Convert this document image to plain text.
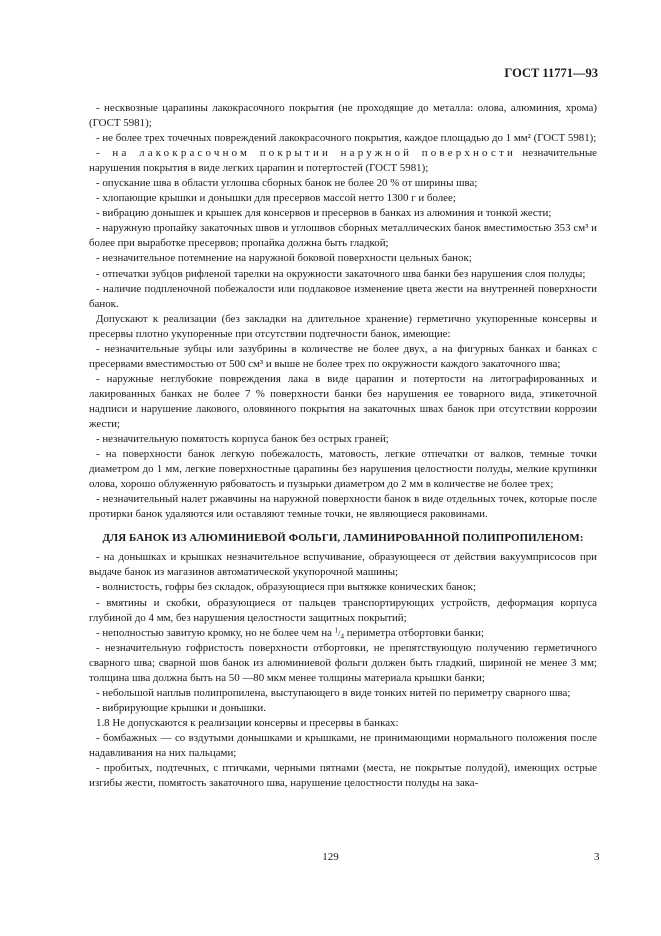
ГОСТ 11771—93

- несквозные царапины лакокрасочного покрытия (не проходящие до металла: олова, алюминия, хрома) (ГОСТ 5981);

- не более трех точечных повреждений лакокрасочного покрытия, каждое площадью до 1 мм² (ГОСТ 5981);

- на лакокрасочном покрытии наружной поверхности незначительные нарушения покрытия в виде легких царапин и потертостей (ГОСТ 5981);

- опускание шва в области углошва сборных банок не более 20 % от ширины шва;

- хлопающие крышки и донышки для пресервов массой нетто 1300 г и более;

- вибрацию донышек и крышек для консервов и пресервов в банках из алюминия и тонкой жести;

- наружную пропайку закаточных швов и углошвов сборных металлических банок вместимостью 353 см³ и более при выработке пресервов; пропайка должна быть гладкой;

- незначительное потемнение на наружной боковой поверхности цельных банок;

- отпечатки зубцов рифленой тарелки на окружности закаточного шва банки без нарушения слоя полуды;

- наличие подпленочной побежалости или подлаковое изменение цвета жести на внутренней поверхности банок.

Допускают к реализации (без закладки на длительное хранение) герметично укупоренные консервы и пресервы плотно укупоренные при отсутствии подтечности банок, имеющие:

- незначительные зубцы или зазубрины в количестве не более двух, а на фигурных банках и банках с пресервами вместимостью от 500 см³ и выше не более трех по окружности каждого закаточного шва;

- наружные неглубокие повреждения лака в виде царапин и потертости на литографированных и лакированных банках не более 7 % поверхности банки без нарушения ее товарного вида, этикеточной надписи и нарушение лакового, оловянного покрытия на закаточных швах банок при отсутствии коррозии жести;

- незначительную помятость корпуса банок без острых граней;

- на поверхности банок легкую побежалость, матовость, легкие отпечатки от валков, темные точки диаметром до 1 мм, легкие поверхностные царапины без нарушения целостности полуды, мелкие крупинки олова, хорошо облуженную рябоватость и пузырьки диаметром до 2 мм в количестве не более трех;

- незначительный налет ржавчины на наружной поверхности банок в виде отдельных точек, которые после протирки банок удаляются или оставляют темные точки, не являющиеся раковинами.

ДЛЯ БАНОК ИЗ АЛЮМИНИЕВОЙ ФОЛЬГИ, ЛАМИНИРОВАННОЙ ПОЛИПРОПИЛЕНОМ:

- на донышках и крышках незначительное вспучивание, образующееся от действия вакуумприсосов при выдаче банок из магазинов автоматической укупорочной машины;

- волнистость, гофры без складок, образующиеся при вытяжке конических банок;

- вмятины и скобки, образующиеся от пальцев транспортирующих устройств, деформация корпуса глубиной до 4 мм, без нарушения целостности защитных покрытий;

- неполностью завитую кромку, но не более чем на $^1/_4$ периметра отбортовки банки;

- незначительную гофристость поверхности отбортовки, не препятствующую получению герметичного сварного шва; сварной шов банок из алюминиевой фольги должен быть гладкий, шириной не менее 3 мм; толщина шва должна быть на 50 —80 мкм менее толщины материала крышки банки;

- небольшой наплыв полипропилена, выступающего в виде тонких нитей по периметру сварного шва;

- вибрирующие крышки и донышки.

1.8 Не допускаются к реализации консервы и пресервы в банках:

- бомбажных — со вздутыми донышками и крышками, не принимающими нормального положения после надавливания на них пальцами;

- пробитых, подтечных, с птичками, черными пятнами (места, не покрытые полудой), имеющих острые изгибы жести, помятость закаточного шва, нарушение целостности полуды на зака-

129	3
